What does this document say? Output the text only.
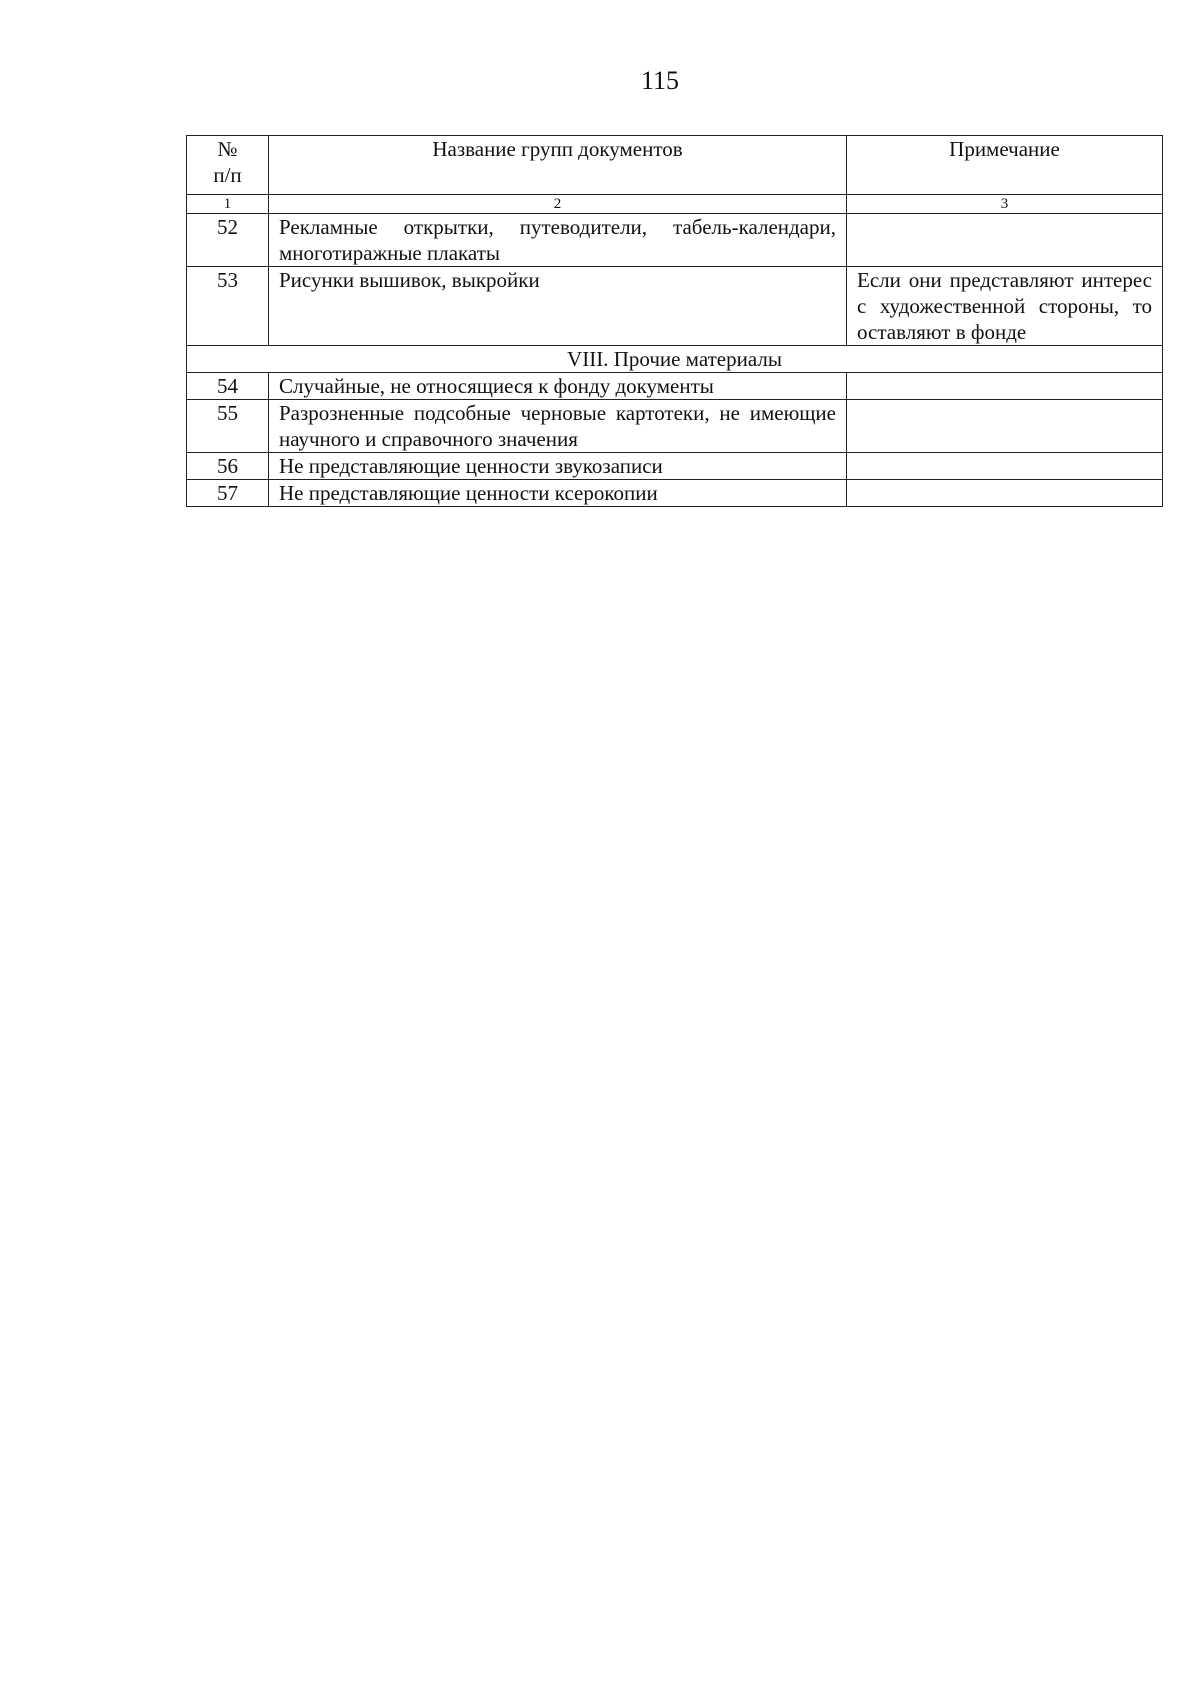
115
№
п/п	Название групп документов	Примечание
1	2	3
52	Рекламные открытки, путеводители, табель-календари, многотиражные плакаты	
53	Рисунки вышивок, выкройки	Если они представляют интерес с художественной стороны, то оставляют в фонде
VIII. Прочие материалы		
54	Случайные, не относящиеся к фонду документы	
55	Разрозненные подсобные черновые картотеки, не имеющие научного и справочного значения	
56	Не представляющие ценности звукозаписи	
57	Не представляющие ценности ксерокопии	
